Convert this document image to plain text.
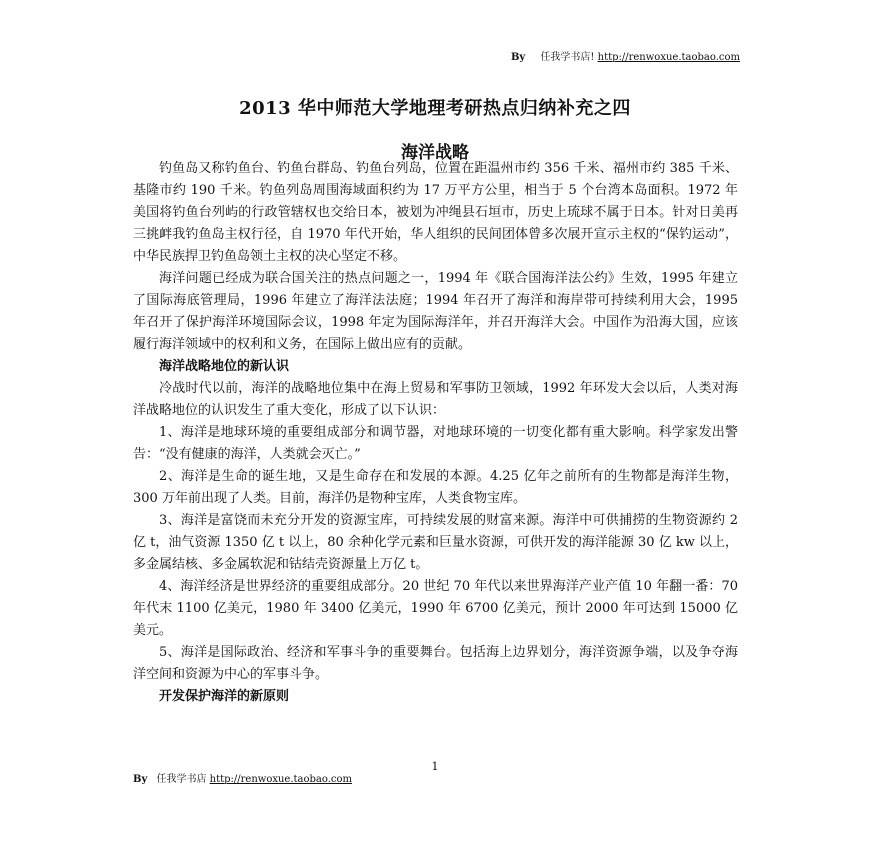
By 任我学书店! http://renwoxue.taobao.com
2013 华中师范大学地理考研热点归纳补充之四
海洋战略

钓鱼岛又称钓鱼台、钓鱼台群岛、钓鱼台列岛，位置在距温州市约 356 千米、福州市约 385 千米、基隆市约 190 千米。钓鱼列岛周围海域面积约为 17 万平方公里，相当于 5 个台湾本岛面积。1972 年美国将钓鱼台列屿的行政管辖权也交给日本，被划为冲绳县石垣市，历史上琉球不属于日本。针对日美再三挑衅我钓鱼岛主权行径，自 1970 年代开始，华人组织的民间团体曾多次展开宣示主权的“保钓运动”，中华民族捍卫钓鱼岛领土主权的决心坚定不移。

海洋问题已经成为联合国关注的热点问题之一，1994 年《联合国海洋法公约》生效，1995 年建立了国际海底管理局，1996 年建立了海洋法法庭；1994 年召开了海洋和海岸带可持续利用大会，1995 年召开了保护海洋环境国际会议，1998 年定为国际海洋年，并召开海洋大会。中国作为沿海大国，应该履行海洋领域中的权利和义务，在国际上做出应有的贡献。

海洋战略地位的新认识

冷战时代以前，海洋的战略地位集中在海上贸易和军事防卫领域，1992 年环发大会以后，人类对海洋战略地位的认识发生了重大变化，形成了以下认识：

1、海洋是地球环境的重要组成部分和调节器，对地球环境的一切变化都有重大影响。科学家发出警告：“没有健康的海洋，人类就会灭亡。”

2、海洋是生命的诞生地，又是生命存在和发展的本源。4.25 亿年之前所有的生物都是海洋生物，300 万年前出现了人类。目前，海洋仍是物种宝库，人类食物宝库。

3、海洋是富饶而未充分开发的资源宝库，可持续发展的财富来源。海洋中可供捕捞的生物资源约 2 亿 t，油气资源 1350 亿 t 以上，80 余种化学元素和巨量水资源，可供开发的海洋能源 30 亿 kw 以上，多金属结核、多金属软泥和钴结壳资源量上万亿 t。

4、海洋经济是世界经济的重要组成部分。20 世纪 70 年代以来世界海洋产业产值 10 年翻一番：70 年代末 1100 亿美元，1980 年 3400 亿美元，1990 年 6700 亿美元，预计 2000 年可达到 15000 亿美元。

5、海洋是国际政治、经济和军事斗争的重要舞台。包括海上边界划分，海洋资源争端，以及争夺海洋空间和资源为中心的军事斗争。

开发保护海洋的新原则
1
By 任我学书店 http://renwoxue.taobao.com
